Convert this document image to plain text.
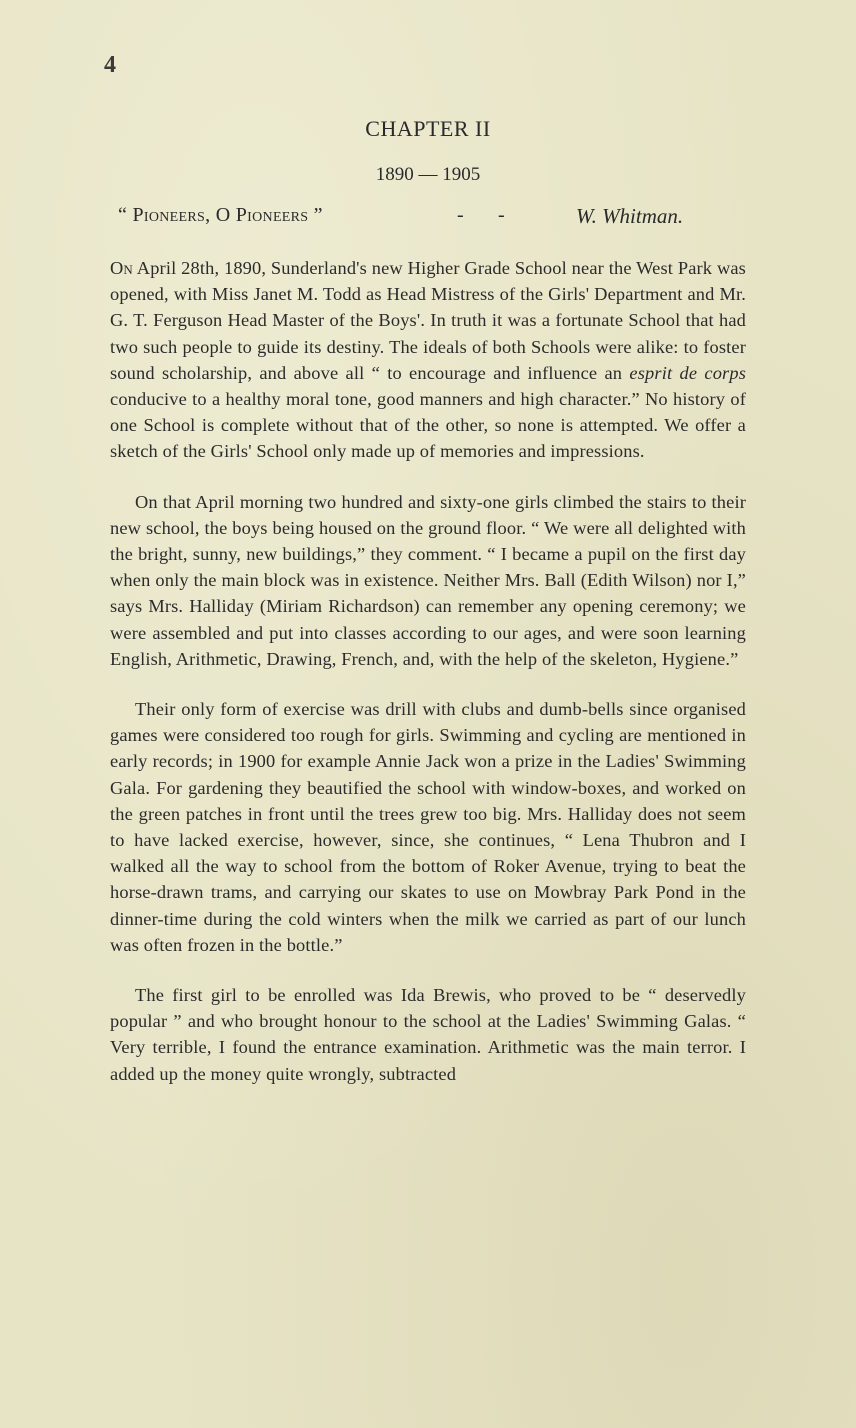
4
CHAPTER II
1890 — 1905
“ Pioneers, O Pioneers ”	- -	W. Whitman.

On April 28th, 1890, Sunderland's new Higher Grade School near the West Park was opened, with Miss Janet M. Todd as Head Mistress of the Girls' Department and Mr. G. T. Ferguson Head Master of the Boys'. In truth it was a fortunate School that had two such people to guide its destiny. The ideals of both Schools were alike: to foster sound scholarship, and above all “ to encourage and influence an esprit de corps conducive to a healthy moral tone, good manners and high character.” No history of one School is complete without that of the other, so none is attempted. We offer a sketch of the Girls' School only made up of memories and impressions.

On that April morning two hundred and sixty-one girls climbed the stairs to their new school, the boys being housed on the ground floor. “ We were all delighted with the bright, sunny, new buildings,” they comment. “ I became a pupil on the first day when only the main block was in existence. Neither Mrs. Ball (Edith Wilson) nor I,” says Mrs. Halliday (Miriam Richardson) can remember any opening ceremony; we were assembled and put into classes according to our ages, and were soon learning English, Arithmetic, Drawing, French, and, with the help of the skeleton, Hygiene.”

Their only form of exercise was drill with clubs and dumb-bells since organised games were considered too rough for girls. Swimming and cycling are mentioned in early records; in 1900 for example Annie Jack won a prize in the Ladies' Swimming Gala. For gardening they beautified the school with window-boxes, and worked on the green patches in front until the trees grew too big. Mrs. Halliday does not seem to have lacked exercise, however, since, she continues, “ Lena Thubron and I walked all the way to school from the bottom of Roker Avenue, trying to beat the horse-drawn trams, and carrying our skates to use on Mowbray Park Pond in the dinner-time during the cold winters when the milk we carried as part of our lunch was often frozen in the bottle.”

The first girl to be enrolled was Ida Brewis, who proved to be “ deservedly popular ” and who brought honour to the school at the Ladies' Swimming Galas. “ Very terrible, I found the entrance examination. Arithmetic was the main terror. I added up the money quite wrongly, subtracted
